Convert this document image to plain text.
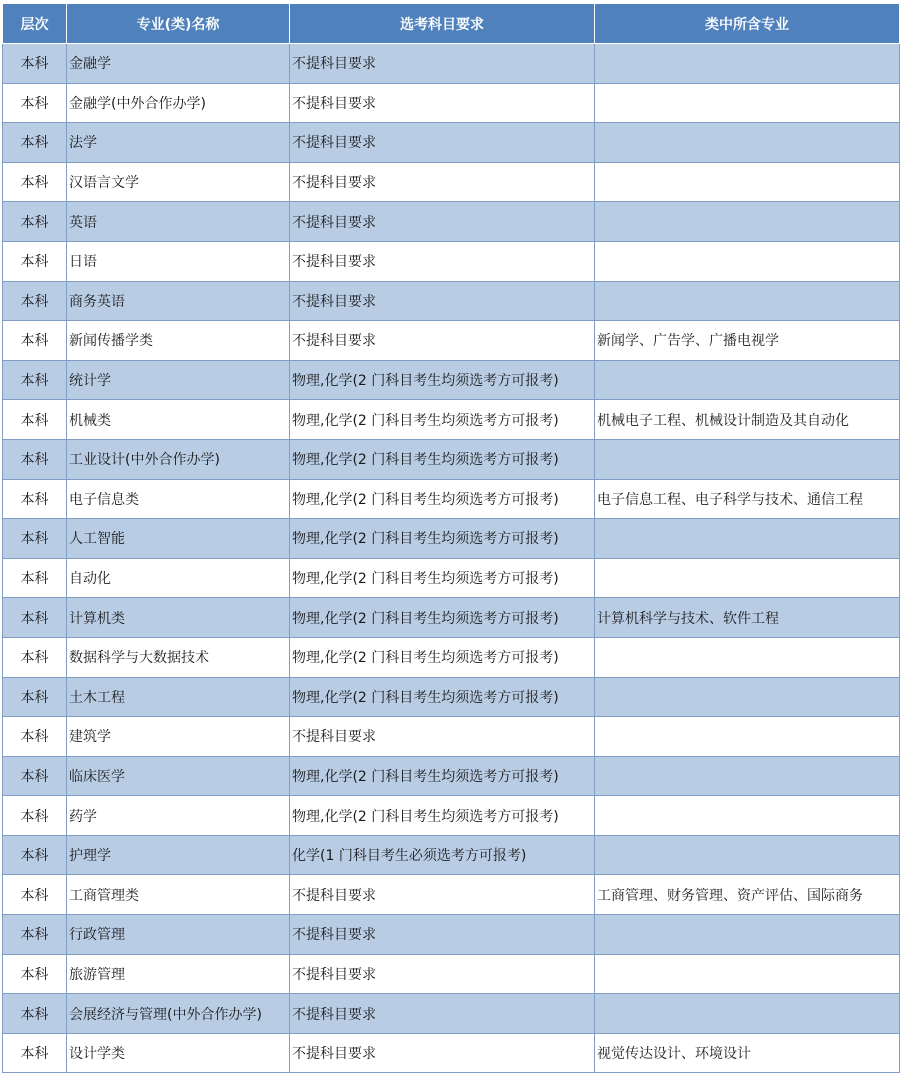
层次	专业(类)名称	选考科目要求	类中所含专业
本科	金融学	不提科目要求	
本科	金融学(中外合作办学)	不提科目要求	
本科	法学	不提科目要求	
本科	汉语言文学	不提科目要求	
本科	英语	不提科目要求	
本科	日语	不提科目要求	
本科	商务英语	不提科目要求	
本科	新闻传播学类	不提科目要求	新闻学、广告学、广播电视学
本科	统计学	物理,化学(2 门科目考生均须选考方可报考)	
本科	机械类	物理,化学(2 门科目考生均须选考方可报考)	机械电子工程、机械设计制造及其自动化
本科	工业设计(中外合作办学)	物理,化学(2 门科目考生均须选考方可报考)	
本科	电子信息类	物理,化学(2 门科目考生均须选考方可报考)	电子信息工程、电子科学与技术、通信工程
本科	人工智能	物理,化学(2 门科目考生均须选考方可报考)	
本科	自动化	物理,化学(2 门科目考生均须选考方可报考)	
本科	计算机类	物理,化学(2 门科目考生均须选考方可报考)	计算机科学与技术、软件工程
本科	数据科学与大数据技术	物理,化学(2 门科目考生均须选考方可报考)	
本科	土木工程	物理,化学(2 门科目考生均须选考方可报考)	
本科	建筑学	不提科目要求	
本科	临床医学	物理,化学(2 门科目考生均须选考方可报考)	
本科	药学	物理,化学(2 门科目考生均须选考方可报考)	
本科	护理学	化学(1 门科目考生必须选考方可报考)	
本科	工商管理类	不提科目要求	工商管理、财务管理、资产评估、国际商务
本科	行政管理	不提科目要求	
本科	旅游管理	不提科目要求	
本科	会展经济与管理(中外合作办学)	不提科目要求	
本科	设计学类	不提科目要求	视觉传达设计、环境设计
